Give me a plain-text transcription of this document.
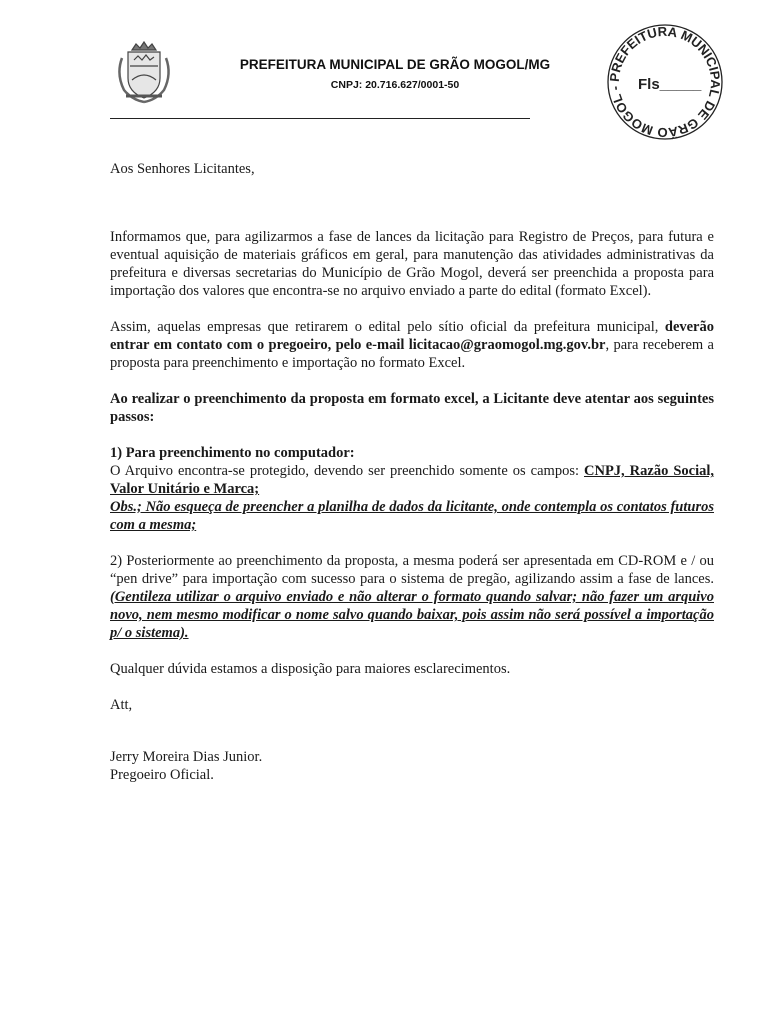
PREFEITURA MUNICIPAL DE GRÃO MOGOL/MG
CNPJ: 20.716.627/0001-50
PREFEITURA MUNICIPAL DE GRÃO MOGOL -	Fls_____

Aos Senhores Licitantes,

Informamos que, para agilizarmos a fase de lances da licitação para Registro de Preços, para futura e eventual aquisição de materiais gráficos em geral, para manutenção das atividades administrativas da prefeitura e diversas secretarias do Município de Grão Mogol, deverá ser preenchida a proposta para importação dos valores que encontra-se no arquivo enviado a parte do edital (formato Excel).

Assim, aquelas empresas que retirarem o edital pelo sítio oficial da prefeitura municipal, deverão entrar em contato com o pregoeiro, pelo e-mail licitacao@graomogol.mg.gov.br, para receberem a proposta para preenchimento e importação no formato Excel.

Ao realizar o preenchimento da proposta em formato excel, a Licitante deve atentar aos seguintes passos:

1) Para preenchimento no computador:

O Arquivo encontra-se protegido, devendo ser preenchido somente os campos: CNPJ, Razão Social, Valor Unitário e Marca;

Obs.; Não esqueça de preencher a planilha de dados da licitante, onde contempla os contatos futuros com a mesma;

2) Posteriormente ao preenchimento da proposta, a mesma poderá ser apresentada em CD-ROM e / ou “pen drive” para importação com sucesso para o sistema de pregão, agilizando assim a fase de lances. (Gentileza utilizar o arquivo enviado e não alterar o formato quando salvar; não fazer um arquivo novo, nem mesmo modificar o nome salvo quando baixar, pois assim não será possível a importação p/ o sistema).

Qualquer dúvida estamos a disposição para maiores esclarecimentos.

Att,

Jerry Moreira Dias Junior.

Pregoeiro Oficial.
